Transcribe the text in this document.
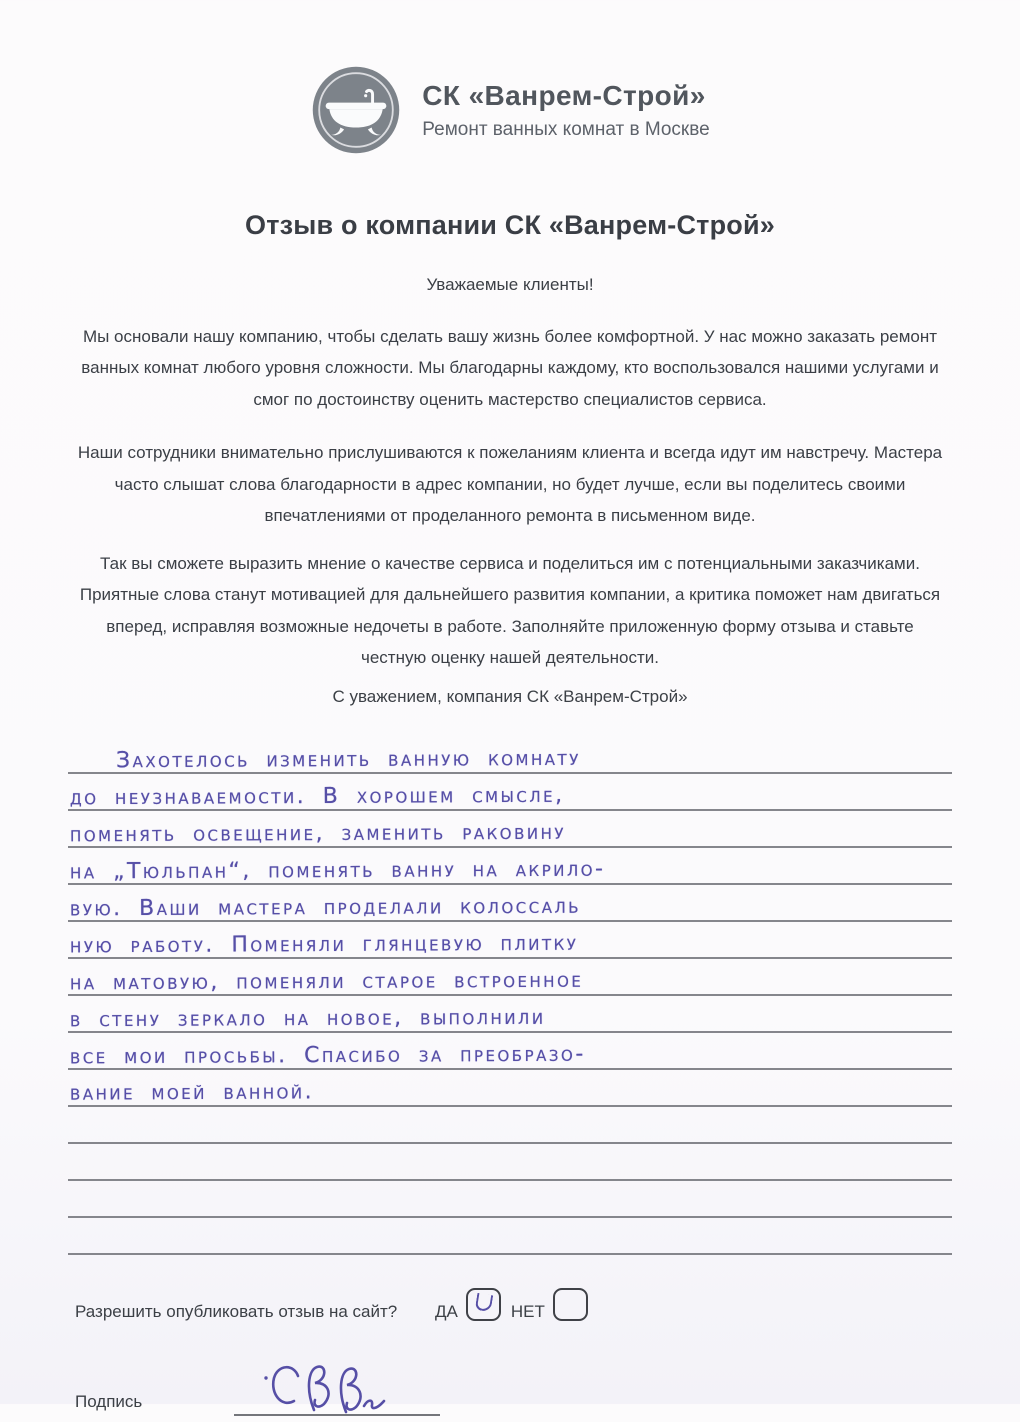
СК «Ванрем-Строй»
Ремонт ванных комнат в Москве
Отзыв о компании СК «Ванрем-Строй»
Уважаемые клиенты!

Мы основали нашу компанию, чтобы сделать вашу жизнь более комфортной. У нас можно заказать ремонт ванных комнат любого уровня сложности. Мы благодарны каждому, кто воспользовался нашими услугами и смог по достоинству оценить мастерство специалистов сервиса.

Наши сотрудники внимательно прислушиваются к пожеланиям клиента и всегда идут им навстречу. Мастера часто слышат слова благодарности в адрес компании, но будет лучше, если вы поделитесь своими впечатлениями от проделанного ремонта в письменном виде.

Так вы сможете выразить мнение о качестве сервиса и поделиться им с потенциальными заказчиками. Приятные слова станут мотивацией для дальнейшего развития компании, а критика поможет нам двигаться вперед, исправляя возможные недочеты в работе. Заполняйте приложенную форму отзыва и ставьте честную оценку нашей деятельности.

С уважением, компания СК «Ванрем-Строй»
Захотелось изменить ванную комнату
до неузнаваемости. В хорошем смысле,
поменять освещение, заменить раковину
на „Тюльпан“, поменять ванну на акрило-
вую. Ваши мастера проделали колоссаль
ную работу. Поменяли глянцевую плитку
на матовую, поменяли старое встроенное
в стену зеркало на новое, выполнили
все мои просьбы. Спасибо за преобразо-
вание моей ванной.
Разрешить опубликовать отзыв на сайт?	ДА	НЕТ
Подпись
